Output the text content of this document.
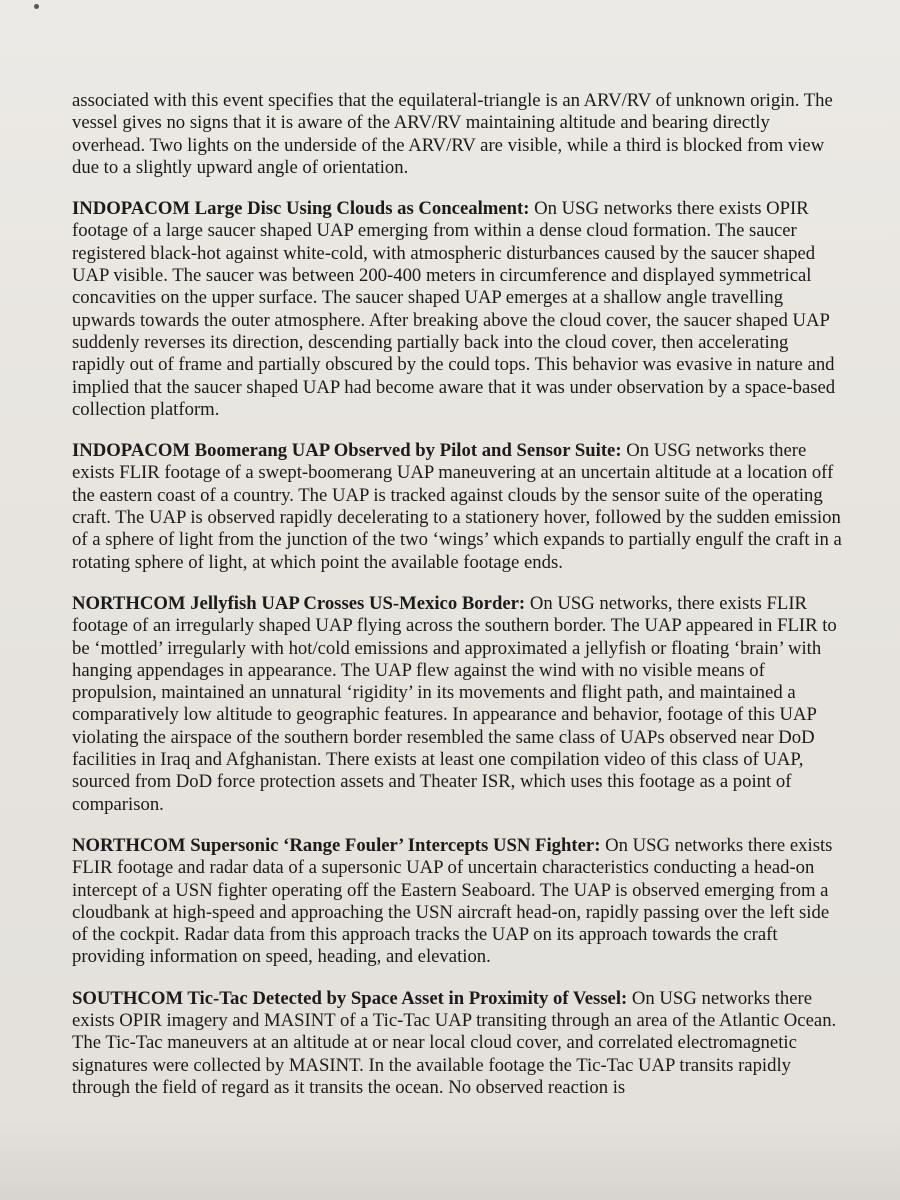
associated with this event specifies that the equilateral-triangle is an ARV/RV of unknown origin. The vessel gives no signs that it is aware of the ARV/RV maintaining altitude and bearing directly overhead. Two lights on the underside of the ARV/RV are visible, while a third is blocked from view due to a slightly upward angle of orientation.

INDOPACOM Large Disc Using Clouds as Concealment: On USG networks there exists OPIR footage of a large saucer shaped UAP emerging from within a dense cloud formation. The saucer registered black-hot against white-cold, with atmospheric disturbances caused by the saucer shaped UAP visible. The saucer was between 200-400 meters in circumference and displayed symmetrical concavities on the upper surface. The saucer shaped UAP emerges at a shallow angle travelling upwards towards the outer atmosphere. After breaking above the cloud cover, the saucer shaped UAP suddenly reverses its direction, descending partially back into the cloud cover, then accelerating rapidly out of frame and partially obscured by the could tops. This behavior was evasive in nature and implied that the saucer shaped UAP had become aware that it was under observation by a space-based collection platform.

INDOPACOM Boomerang UAP Observed by Pilot and Sensor Suite: On USG networks there exists FLIR footage of a swept-boomerang UAP maneuvering at an uncertain altitude at a location off the eastern coast of a country. The UAP is tracked against clouds by the sensor suite of the operating craft. The UAP is observed rapidly decelerating to a stationery hover, followed by the sudden emission of a sphere of light from the junction of the two ‘wings’ which expands to partially engulf the craft in a rotating sphere of light, at which point the available footage ends.

NORTHCOM Jellyfish UAP Crosses US-Mexico Border: On USG networks, there exists FLIR footage of an irregularly shaped UAP flying across the southern border. The UAP appeared in FLIR to be ‘mottled’ irregularly with hot/cold emissions and approximated a jellyfish or floating ‘brain’ with hanging appendages in appearance. The UAP flew against the wind with no visible means of propulsion, maintained an unnatural ‘rigidity’ in its movements and flight path, and maintained a comparatively low altitude to geographic features. In appearance and behavior, footage of this UAP violating the airspace of the southern border resembled the same class of UAPs observed near DoD facilities in Iraq and Afghanistan. There exists at least one compilation video of this class of UAP, sourced from DoD force protection assets and Theater ISR, which uses this footage as a point of comparison.

NORTHCOM Supersonic ‘Range Fouler’ Intercepts USN Fighter: On USG networks there exists FLIR footage and radar data of a supersonic UAP of uncertain characteristics conducting a head-on intercept of a USN fighter operating off the Eastern Seaboard. The UAP is observed emerging from a cloudbank at high-speed and approaching the USN aircraft head-on, rapidly passing over the left side of the cockpit. Radar data from this approach tracks the UAP on its approach towards the craft providing information on speed, heading, and elevation.

SOUTHCOM Tic-Tac Detected by Space Asset in Proximity of Vessel: On USG networks there exists OPIR imagery and MASINT of a Tic-Tac UAP transiting through an area of the Atlantic Ocean. The Tic-Tac maneuvers at an altitude at or near local cloud cover, and correlated electromagnetic signatures were collected by MASINT. In the available footage the Tic-Tac UAP transits rapidly through the field of regard as it transits the ocean. No observed reaction is
